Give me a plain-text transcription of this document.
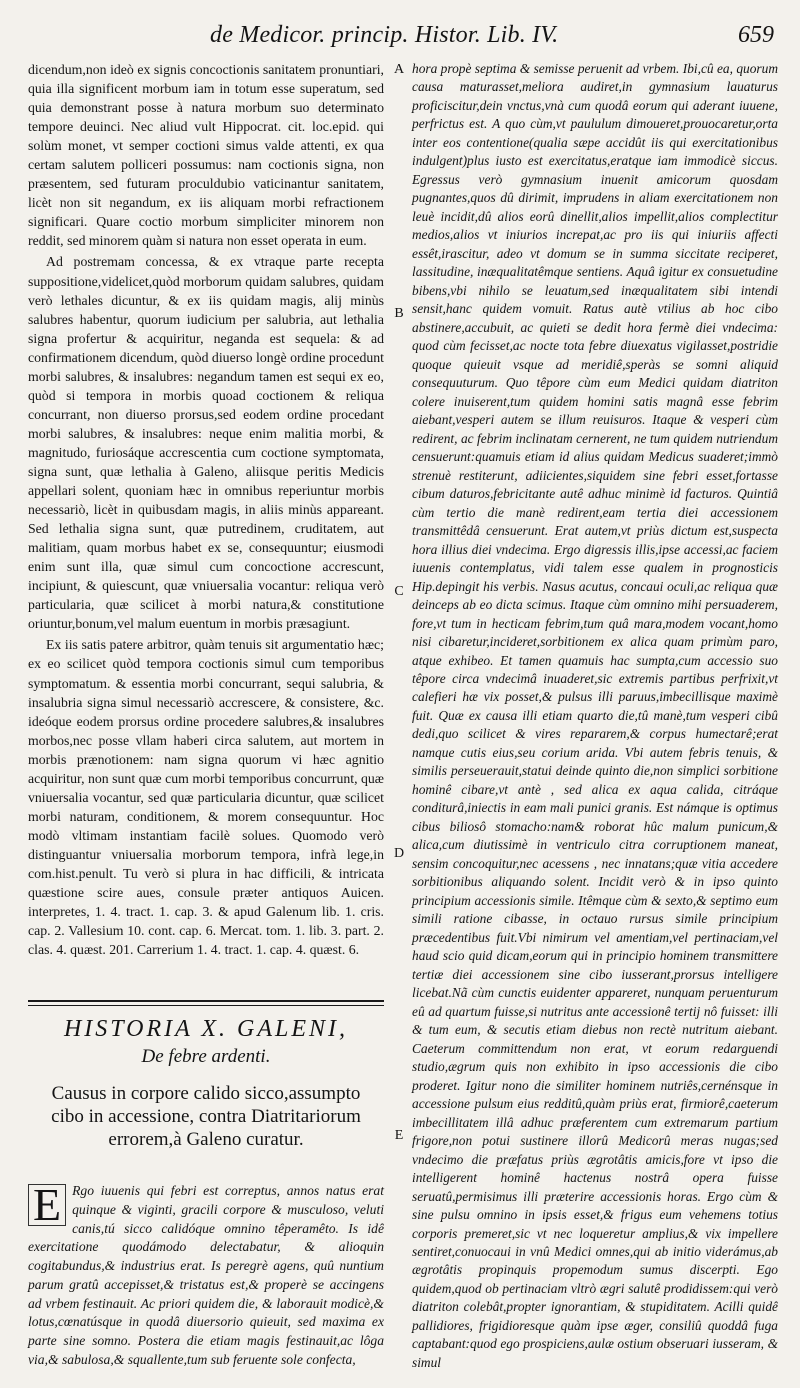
de Medicor. princip. Histor. Lib. IV.	659

dicendum,non ideò ex signis concoctionis sanitatem pronuntiari, quia illa significent morbum iam in totum esse superatum, sed quia demonstrant posse à natura morbum suo determinato tempore deuinci. Nec aliud vult Hippocrat. cit. loc.epid. qui solùm monet, vt semper coctioni simus valde attenti, ex qua certam salutem polliceri possumus: nam coctionis signa, non præsentem, sed futuram proculdubio vaticinantur sanitatem, licèt non sit negandum, ex iis aliquam morbi refractionem significari. Quare coctio morbum simpliciter minorem non reddit, sed minorem quàm si natura non esset operata in eum.

Ad postremam concessa, & ex vtraque parte recepta suppositione,videlicet,quòd morborum quidam salubres, quidam verò lethales dicuntur, & ex iis quidam magis, alij minùs salubres habentur, quorum iudicium per salubria, aut lethalia signa profertur & acquiritur, neganda est sequela: & ad confirmationem dicendum, quòd diuerso longè ordine procedunt morbi salubres, & insalubres: negandum tamen est sequi ex eo, quòd si tempora in morbis quoad coctionem & reliqua concurrant, non diuerso prorsus,sed eodem ordine procedant morbi salubres, & insalubres: neque enim malitia morbi, & magnitudo, furiosáque accrescentia cum coctione symptomata, signa sunt, quæ lethalia à Galeno, aliisque peritis Medicis appellari solent, quoniam hæc in omnibus reperiuntur morbis necessariò, licèt in quibusdam magis, in aliis minùs appareant. Sed lethalia signa sunt, quæ putredinem, cruditatem, aut malitiam, quam morbus habet ex se, consequuntur; eiusmodi enim sunt illa, quæ simul cum concoctione accrescunt, incipiunt, & quiescunt, quæ vniuersalia vocantur: reliqua verò particularia, quæ scilicet à morbi natura,& constitutione oriuntur,bonum,vel malum euentum in morbis præsagiunt.

Ex iis satis patere arbitror, quàm tenuis sit argumentatio hæc; ex eo scilicet quòd tempora coctionis simul cum temporibus symptomatum. & essentia morbi concurrant, sequi salubria, & insalubria signa simul necessariò accrescere, & consistere, &c. ideóque eodem prorsus ordine procedere salubres,& insalubres morbos,nec posse vllam haberi circa salutem, aut mortem in morbis prænotionem: nam signa quorum vi hæc agnitio acquiritur, non sunt quæ cum morbi temporibus concurrunt, quæ vniuersalia vocantur, sed quæ particularia dicuntur, quæ scilicet morbi naturam, conditionem, & morem consequuntur. Hoc modò vltimam instantiam facilè solues. Quomodo verò distinguantur vniuersalia morborum tempora, infrà lege,in com.hist.penult. Tu verò si plura in hac difficili, & intricata quæstione scire aues, consule præter antiquos Auicen. interpretes, 1. 4. tract. 1. cap. 3. & apud Galenum lib. 1. cris. cap. 2. Vallesium 10. cont. cap. 6. Mercat. tom. 1. lib. 3. part. 2. clas. 4. quæst. 201. Carrerium 1. 4. tract. 1. cap. 4. quæst. 6.

HISTORIA X. GALENI,
De febre ardenti.
Causus in corpore calido sicco,assumpto cibo in accessione, contra Diatritariorum errorem,à Galeno curatur.

E Rgo iuuenis qui febri est correptus, annos natus erat quinque & viginti, gracili corpore & musculoso, veluti canis,tú sicco calidóque omnino têperamêto. Is idê exercitatione quodámodo delectabatur, & alioquin cogitabundus,& industrius erat. Is peregrè agens, quû nuntium parum gratû accepisset,& tristatus est,& properè se accingens ad vrbem festinauit. Ac priori quidem die, & laborauit modicè,& lotus,cœnatúsque in quodâ diuersorio quieuit, sed maxima ex parte sine somno. Postera die etiam magis festinauit,ac lôga via,& sabulosa,& squallente,tum sub feruente sole confecta,

hora propè septima & semisse peruenit ad vrbem. Ibi,cû ea, quorum causa maturasset,meliora audiret,in gymnasium lauaturus proficiscitur,dein vnctus,vnà cum quodâ eorum qui aderant iuuene, perfrictus est. A quo cùm,vt paululum dimoueret,prouocaretur,orta inter eos contentione(qualia sæpe accidût iis qui exercitationibus indulgent)plus iusto est exercitatus,eratque iam immodicè siccus. Egressus verò gymnasium inuenit amicorum quosdam pugnantes,quos dû dirimit, imprudens in aliam exercitationem non leuè incidit,dû alios eorû dinellit,alios impellit,alios complectitur medios,alios vt iniurios increpat,ac pro iis qui iniuriis affecti essêt,irascitur, adeo vt domum se in summa siccitate reciperet, lassitudine, inæqualitatêmque sentiens. Aquâ igitur ex consuetudine bibens,vbi nihilo se leuatum,sed inæqualitatem sibi intendi sensit,hanc quidem vomuit. Ratus autè vtilius ab hoc cibo abstinere,accubuit, ac quieti se dedit hora fermè diei vndecima: quod cùm fecisset,ac nocte tota febre diuexatus vigilasset,postridie quoque quieuit vsque ad meridiê,speràs se somni aliquid consequuturum. Quo têpore cùm eum Medici quidam diatriton colere inuiserent,tum quidem homini satis magnâ esse febrim aiebant,vesperi autem se illum reuisuros. Itaque & vesperi cùm redirent, ac febrim inclinatam cernerent, ne tum quidem nutriendum censuerunt:quamuis etiam id alius quidam Medicus suaderet;immò strenuè restiterunt, adiicientes,siquidem sine febri esset,fortasse cibum daturos,febricitante autê adhuc minimè id facturos. Quintiâ cùm tertio die manè redirent,eam tertia diei accessionem transmittêdâ censuerunt. Erat autem,vt priùs dictum est,suspecta hora illius diei vndecima. Ergo digressis illis,ipse accessi,ac faciem iuuenis contemplatus, vidi talem esse qualem in prognosticis Hip.depingit his verbis. Nasus acutus, concaui oculi,ac reliqua quæ deinceps ab eo dicta scimus. Itaque cùm omnino mihi persuaderem, fore,vt tum in hecticam febrim,tum quâ mara,modem vocant,homo nisi cibaretur,incideret,sorbitionem ex alica quam primùm paro, atque exhibeo. Et tamen quamuis hac sumpta,cum accessio suo têpore circa vndecimâ inuaderet,sic extremis partibus perfrixit,vt calefieri hæ vix posset,& pulsus illi paruus,imbecillisque maximè fuit. Quæ ex causa illi etiam quarto die,tû manè,tum vesperi cibû dedi,quo scilicet & vires repararem,& corpus humectarê;erat namque cutis eius,seu corium arida. Vbi autem febris tenuis, & similis perseuerauit,statui deinde quinto die,non simplici sorbitione hominê cibare,vt antè , sed alica ex aqua calida, citráque conditurâ,iniectis in eam mali punici granis. Est námque is optimus cibus biliosô stomacho:nam& roborat hûc malum punicum,& alica,cum diutissimè in ventriculo citra corruptionem maneat, sensim concoquitur,nec acessens , nec innatans;quæ vitia accedere sorbitionibus aliquando solent. Incidit verò & in ipso quinto principium accessionis simile. Itêmque cùm & sexto,& septimo eum simili ratione cibasse, in octauo rursus simile principium præcedentibus fuit.Vbi nimirum vel amentiam,vel pertinaciam,vel haud scio quid dicam,eorum qui in principio hominem transmittere tertiæ diei accessionem sine cibo iusserant,prorsus intelligere licebat.Nã cùm cunctis euidenter appareret, nunquam peruenturum eû ad quartum fuisse,si nutritus ante accessionê tertij nô fuisset: illi & tum eum, & secutis etiam diebus non rectè nutritum aiebant. Caeterum committendum non erat, vt eorum redarguendi studio,ægrum quis non exhibito in ipso accessionis die cibo proderet. Igitur nono die similiter hominem nutriês,cernénsque in accessione pulsum eius redditû,quàm priùs erat, firmiorê,caeterum imbecillitatem illâ adhuc præferentem cum extremarum partium frigore,non potui sustinere illorû Medicorû meras nugas;sed vndecimo die præfatus priùs ægrotâtis amicis,fore vt ipso die intelligerent hominê hactenus nostrâ opera fuisse seruatû,permisimus illi præterire accessionis horas. Ergo cùm & sine pulsu omnino in ipsis esset,& frigus eum vehemens totius corporis premeret,sic vt nec loqueretur amplius,& vix impellere sentiret,conuocaui in vnû Medici omnes,qui ab initio viderámus,ab ægrotâtis propinquis propemodum sumus discerpti. Ego quidem,quod ob pertinaciam vltrò ægri salutê prodidissem:qui verò diatriton colebât,propter ignorantiam, & stupiditatem. Acilli quidê pallidiores, frigidioresque quàm ipse æger, consiliû quoddâ fuga captabant:quod ego prospiciens,aulæ ostium obseruari iusseram, & simul

A
B
C
D
E
